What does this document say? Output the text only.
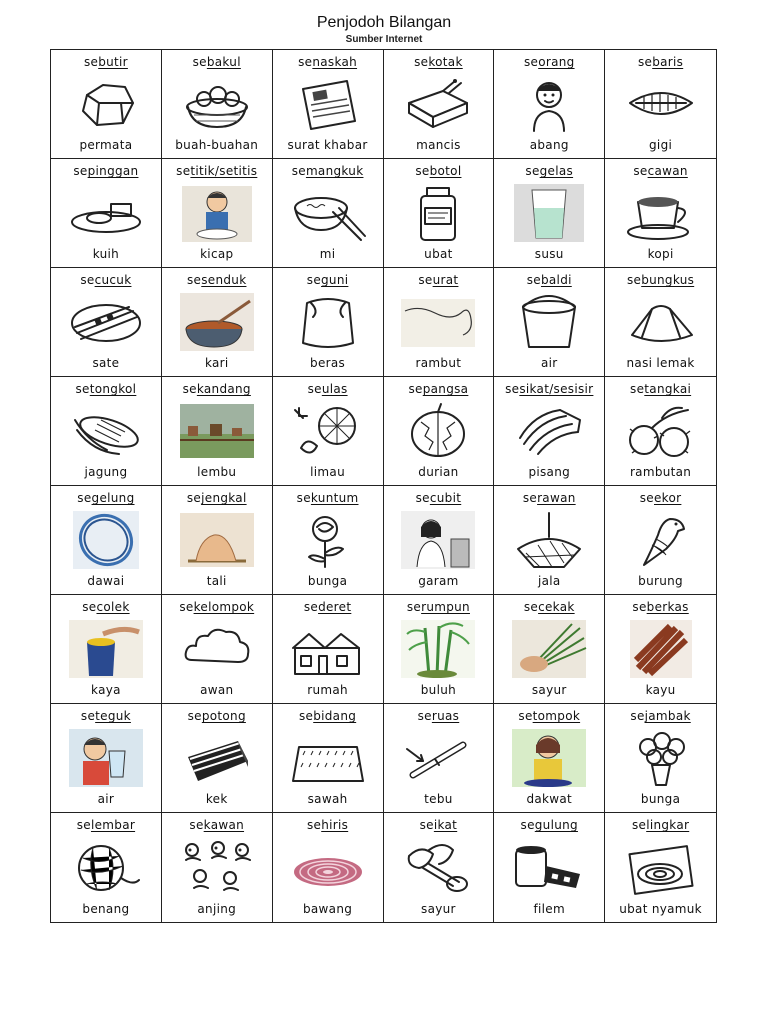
Penjodoh Bilangan
Sumber Internet
sebutir
permata
sebakul
buah-buahan
senaskah
surat khabar
sekotak
mancis
seorang
abang
sebaris
gigi
sepinggan
kuih
setitik/setitis
kicap
semangkuk
mi
sebotol
ubat
segelas
susu
secawan
kopi
secucuk
sate
sesenduk
kari
seguni
beras
seurat
rambut
sebaldi
air
sebungkus
nasi lemak
setongkol
jagung
sekandang
lembu
seulas
limau
sepangsa
durian
sesikat/sesisir
pisang
setangkai
rambutan
segelung
dawai
sejengkal
tali
sekuntum
bunga
secubit
garam
serawan
jala
seekor
burung
secolek
kaya
sekelompok
awan
sederet
rumah
serumpun
buluh
secekak
sayur
seberkas
kayu
seteguk
air
sepotong
kek
sebidang
sawah
seruas
tebu
setompok
dakwat
sejambak
bunga
selembar
benang
sekawan
anjing
sehiris
bawang
seikat
sayur
segulung
filem
selingkar
ubat nyamuk
